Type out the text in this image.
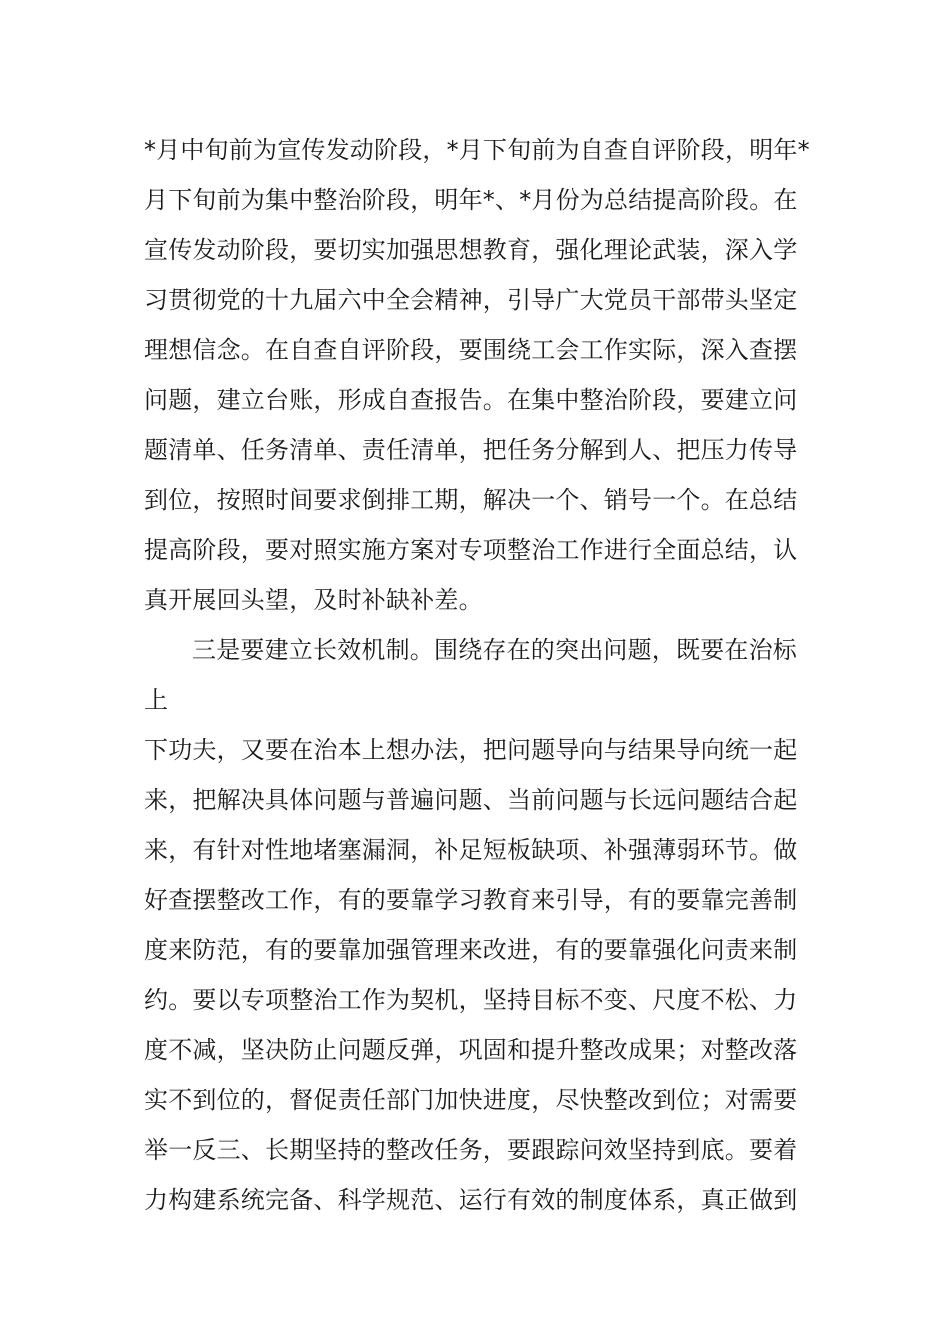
*月中旬前为宣传发动阶段，*月下旬前为自查自评阶段，明年*
月下旬前为集中整治阶段，明年*、*月份为总结提高阶段。在
宣传发动阶段，要切实加强思想教育，强化理论武装，深入学
习贯彻党的十九届六中全会精神，引导广大党员干部带头坚定
理想信念。在自查自评阶段，要围绕工会工作实际，深入查摆
问题，建立台账，形成自查报告。在集中整治阶段，要建立问
题清单、任务清单、责任清单，把任务分解到人、把压力传导
到位，按照时间要求倒排工期，解决一个、销号一个。在总结
提高阶段，要对照实施方案对专项整治工作进行全面总结，认
真开展回头望，及时补缺补差。
三是要建立长效机制。围绕存在的突出问题，既要在治标
上
下功夫，又要在治本上想办法，把问题导向与结果导向统一起
来，把解决具体问题与普遍问题、当前问题与长远问题结合起
来，有针对性地堵塞漏洞，补足短板缺项、补强薄弱环节。做
好查摆整改工作，有的要靠学习教育来引导，有的要靠完善制
度来防范，有的要靠加强管理来改进，有的要靠强化问责来制
约。要以专项整治工作为契机，坚持目标不变、尺度不松、力
度不减，坚决防止问题反弹，巩固和提升整改成果；对整改落
实不到位的，督促责任部门加快进度，尽快整改到位；对需要
举一反三、长期坚持的整改任务，要跟踪问效坚持到底。要着
力构建系统完备、科学规范、运行有效的制度体系，真正做到
